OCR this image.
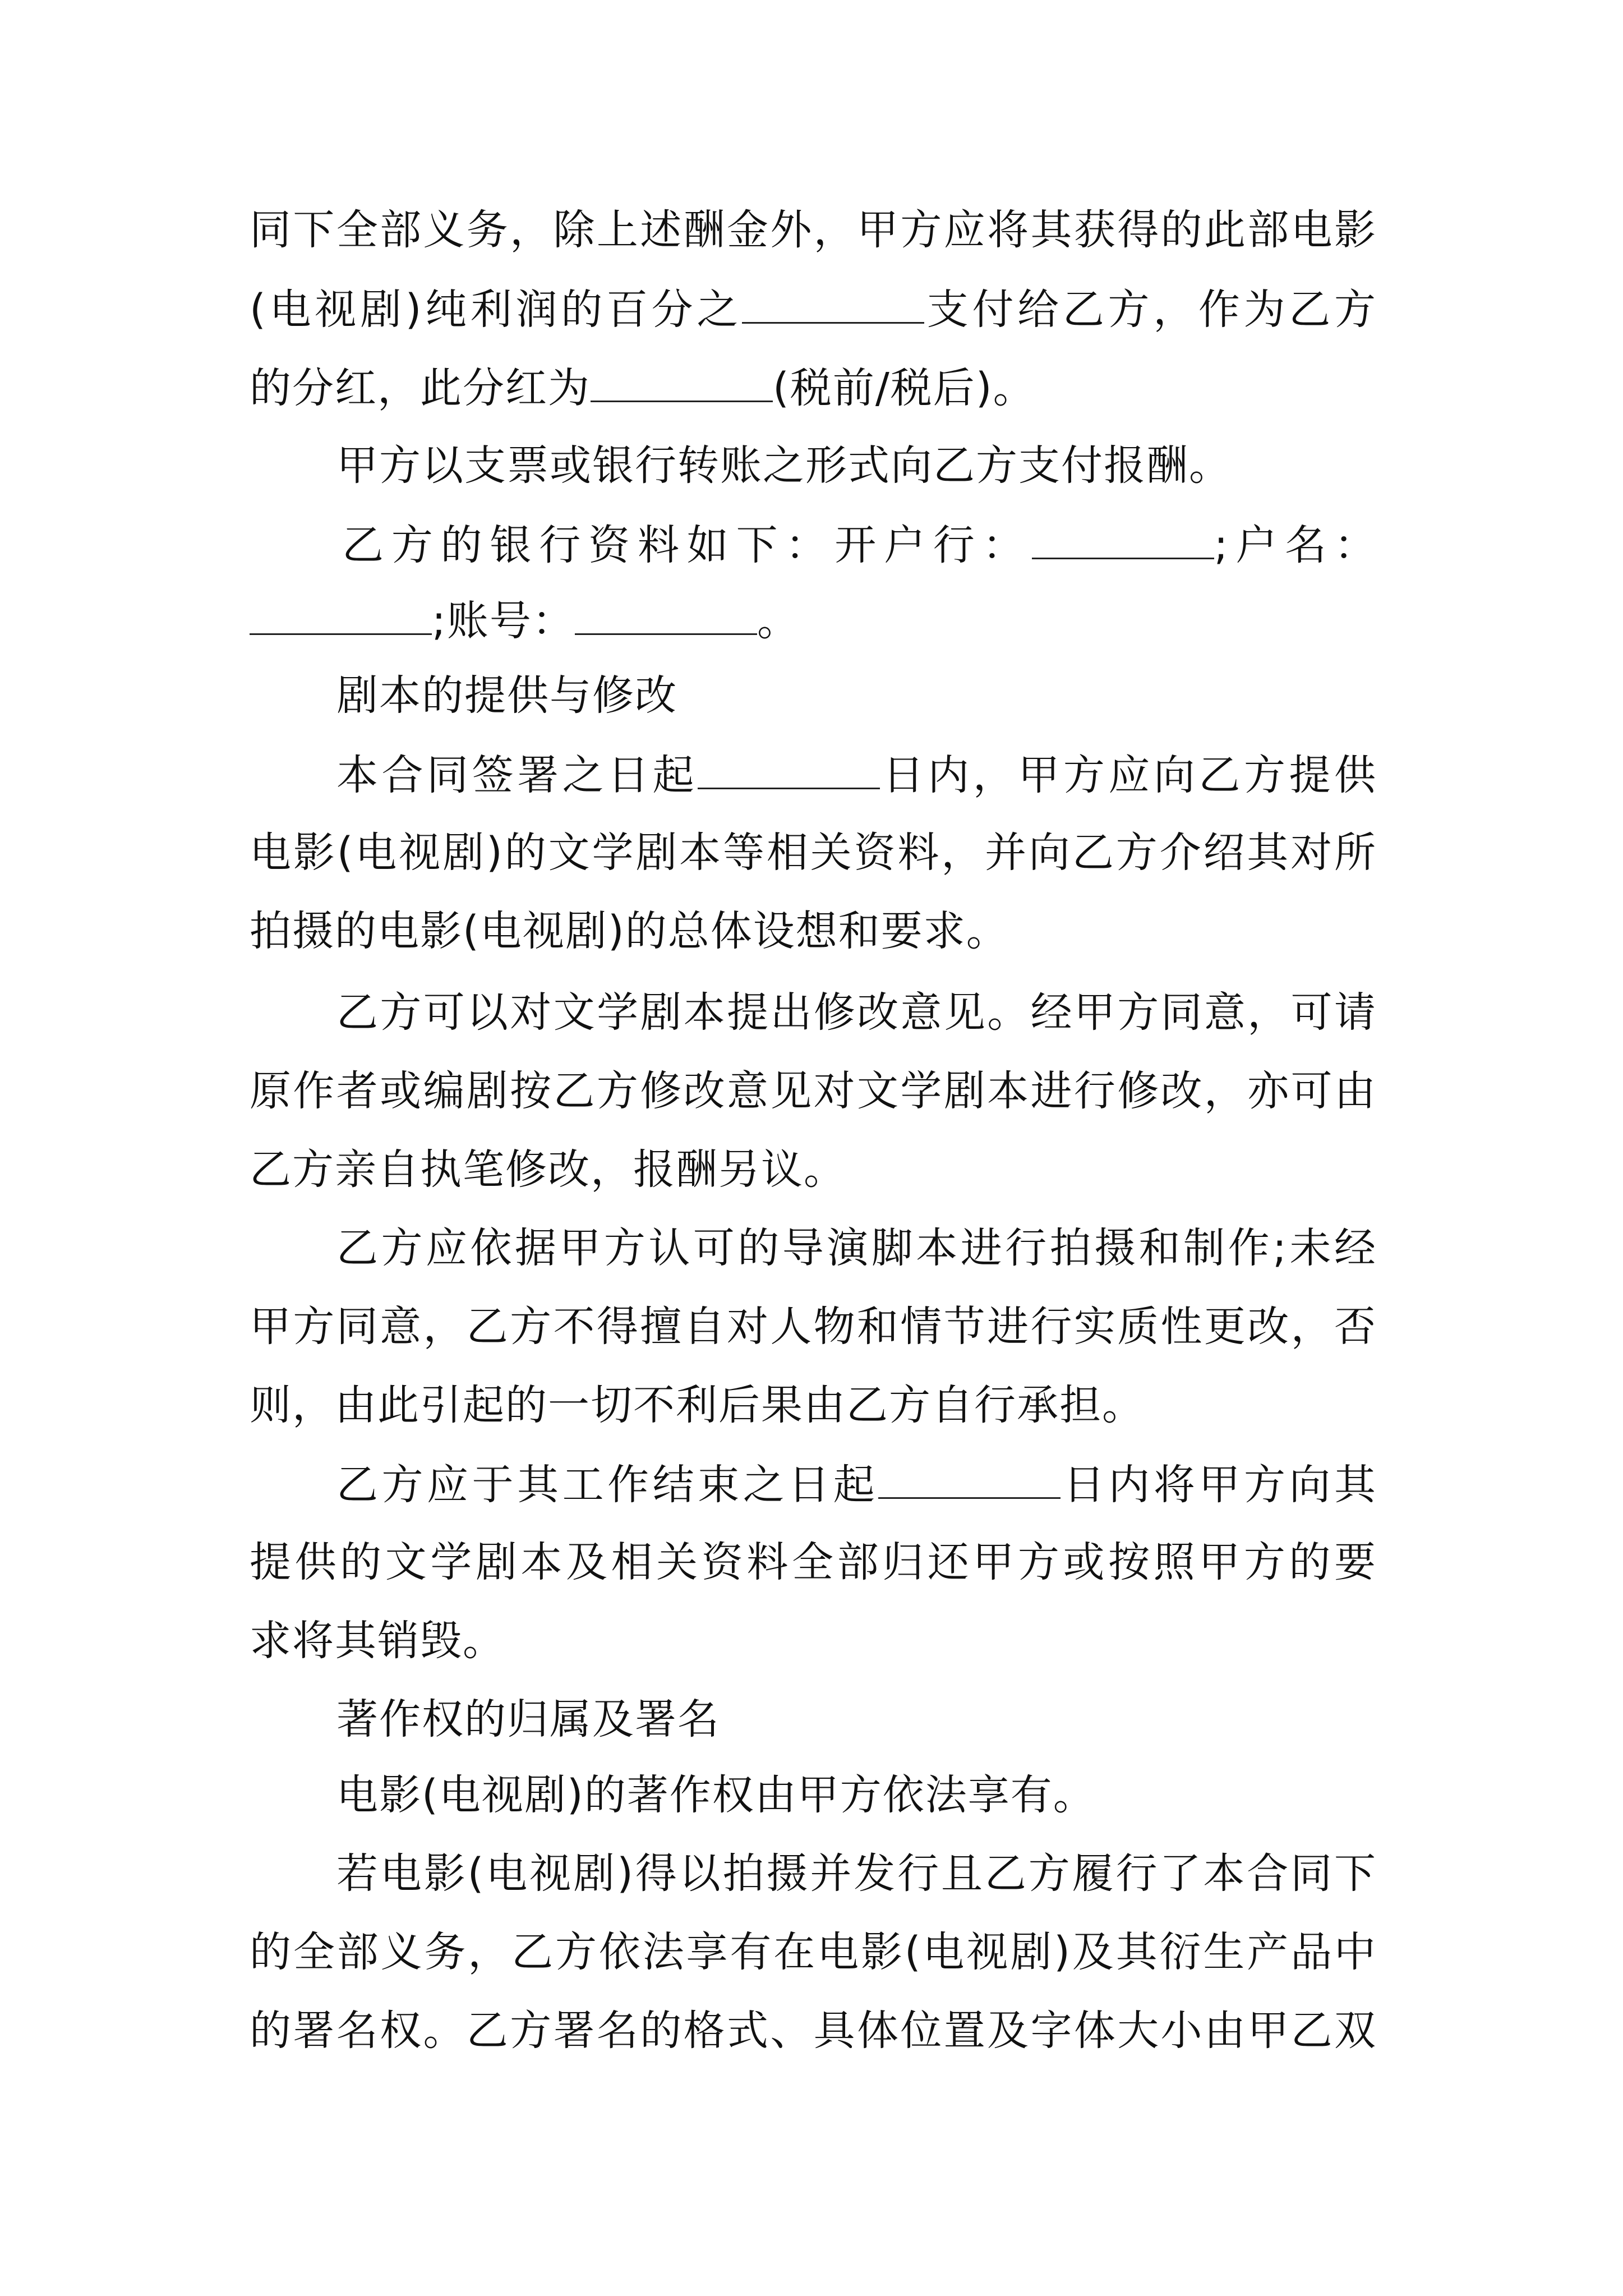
同下全部义务，除上述酬金外，甲方应将其获得的此部电影
(电视剧)纯利润的百分之	支付给乙方，作为乙方
的分红，此分红为	(税前/税后)。
甲方以支票或银行转账之形式向乙方支付报酬。
乙方的银行资料如下：开户行：	;户名：
;账号：	。
剧本的提供与修改
本合同签署之日起	日内，甲方应向乙方提供
电影(电视剧)的文学剧本等相关资料，并向乙方介绍其对所
拍摄的电影(电视剧)的总体设想和要求。
乙方可以对文学剧本提出修改意见。经甲方同意，可请
原作者或编剧按乙方修改意见对文学剧本进行修改，亦可由
乙方亲自执笔修改，报酬另议。
乙方应依据甲方认可的导演脚本进行拍摄和制作;未经
甲方同意，乙方不得擅自对人物和情节进行实质性更改，否
则，由此引起的一切不利后果由乙方自行承担。
乙方应于其工作结束之日起	日内将甲方向其
提供的文学剧本及相关资料全部归还甲方或按照甲方的要
求将其销毁。
著作权的归属及署名
电影(电视剧)的著作权由甲方依法享有。
若电影(电视剧)得以拍摄并发行且乙方履行了本合同下
的全部义务，乙方依法享有在电影(电视剧)及其衍生产品中
的署名权。乙方署名的格式、具体位置及字体大小由甲乙双
